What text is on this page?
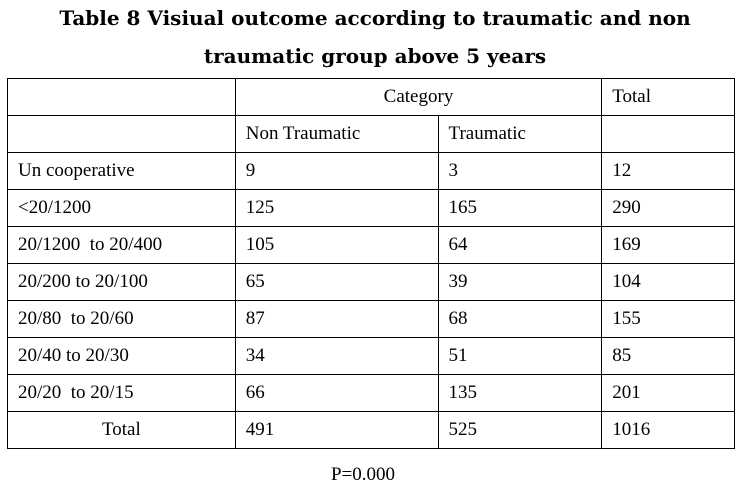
Table 8 Visiual outcome according to traumatic and non
traumatic group above 5 years
	Category		Total
	Non Traumatic	Traumatic	
Un cooperative	9	3	12
<20/1200	125	165	290
20/1200  to 20/400	105	64	169
20/200 to 20/100	65	39	104
20/80  to 20/60	87	68	155
20/40 to 20/30	34	51	85
20/20  to 20/15	66	135	201
Total	491	525	1016
P=0.000
